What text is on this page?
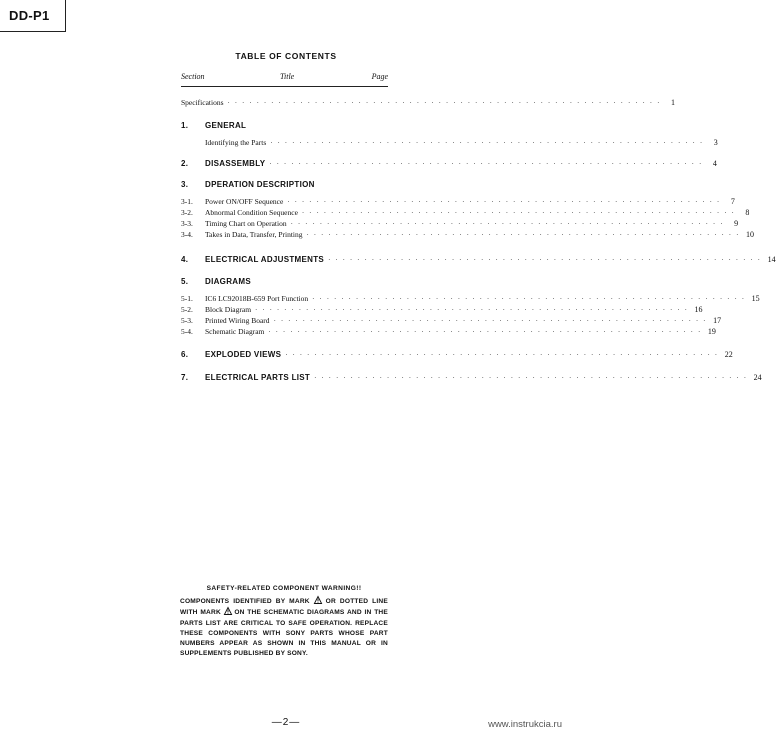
DD-P1
TABLE OF CONTENTS
Section	Title	Page
Specifications · · · · · · · · · · · · · · · · · · · · · · · · · · · · · · · · · · · · · · · · · · · · · · · · · · · · · · · · · · · ·	1
1.	GENERAL
Identifying the Parts · · · · · · · · · · · · · · · · · · · · · · · · · · · · · · · · · · · · · · · · · · · · · · · · · · · · · · · · · · · ·	3
2.	DISASSEMBLY · · · · · · · · · · · · · · · · · · · · · · · · · · · · · · · · · · · · · · · · · · · · · · · · · · · · · · · · · · · ·	4
3.	DPERATION DESCRIPTION
3-1.	Power ON/OFF Sequence · · · · · · · · · · · · · · · · · · · · · · · · · · · · · · · · · · · · · · · · · · · · · · · · · · · · · · · · · · · ·	7
3-2.	Abnormal Condition Sequence · · · · · · · · · · · · · · · · · · · · · · · · · · · · · · · · · · · · · · · · · · · · · · · · · · · · · · · · · · · ·	8
3-3.	Timing Chart on Operation · · · · · · · · · · · · · · · · · · · · · · · · · · · · · · · · · · · · · · · · · · · · · · · · · · · · · · · · · · · ·	9
3-4.	Takes in Data, Transfer, Printing · · · · · · · · · · · · · · · · · · · · · · · · · · · · · · · · · · · · · · · · · · · · · · · · · · · · · · · · · · · · 10
4.	ELECTRICAL ADJUSTMENTS · · · · · · · · · · · · · · · · · · · · · · · · · · · · · · · · · · · · · · · · · · · · · · · · · · · · · · · · · · · · 14
5.	DIAGRAMS
5-1.	IC6 LC92018B-659 Port Function · · · · · · · · · · · · · · · · · · · · · · · · · · · · · · · · · · · · · · · · · · · · · · · · · · · · · · · · · · · · 15
5-2.	Block Diagram · · · · · · · · · · · · · · · · · · · · · · · · · · · · · · · · · · · · · · · · · · · · · · · · · · · · · · · · · · · · 16
5-3.	Printed Wiring Board · · · · · · · · · · · · · · · · · · · · · · · · · · · · · · · · · · · · · · · · · · · · · · · · · · · · · · · · · · · · 17
5-4.	Schematic Diagram · · · · · · · · · · · · · · · · · · · · · · · · · · · · · · · · · · · · · · · · · · · · · · · · · · · · · · · · · · · · 19
6.	EXPLODED VIEWS · · · · · · · · · · · · · · · · · · · · · · · · · · · · · · · · · · · · · · · · · · · · · · · · · · · · · · · · · · · · 22
7.	ELECTRICAL PARTS LIST · · · · · · · · · · · · · · · · · · · · · · · · · · · · · · · · · · · · · · · · · · · · · · · · · · · · · · · · · · · · 24
SAFETY-RELATED COMPONENT WARNING!!
COMPONENTS IDENTIFIED BY MARK
OR DOTTED LINE WITH MARK
ON THE SCHEMATIC DIAGRAMS AND IN THE PARTS LIST ARE CRITICAL TO SAFE OPERATION. REPLACE THESE COMPONENTS WITH SONY PARTS WHOSE PART NUMBERS APPEAR AS SHOWN IN THIS MANUAL OR IN SUPPLEMENTS PUBLISHED BY SONY.
—2—	www.instrukcia.ru
